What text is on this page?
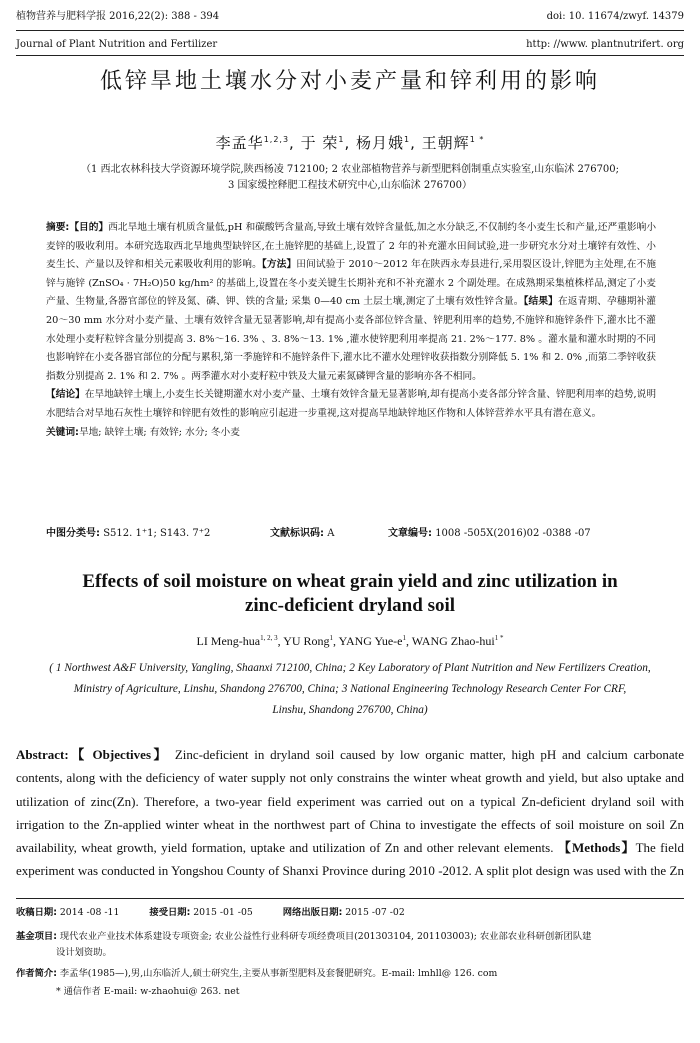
植物营养与肥料学报 2016,22(2): 388 - 394
Journal of Plant Nutrition and Fertilizer
doi: 10. 11674/zwyf. 14379
http: //www. plantnutrifert. org
低锌旱地土壤水分对小麦产量和锌利用的影响
李孟华$^{1,2,3}$, 于 荣$^1$, 杨月娥$^1$, 王朝辉$^{1 *}$
（1 西北农林科技大学资源环境学院,陕西杨凌 712100; 2 农业部植物营养与新型肥料创制重点实验室,山东临沭 276700;
3 国家缓控释肥工程技术研究中心,山东临沭 276700）

摘要:【目的】西北旱地土壤有机质含量低,pH 和碳酸钙含量高,导致土壤有效锌含量低,加之水分缺乏,不仅制约冬小麦生长和产量,还严重影响小麦锌的吸收利用。本研究选取西北旱地典型缺锌区,在土施锌肥的基础上,设置了 2 年的补充灌水田间试验,进一步研究水分对土壤锌有效性、小麦生长、产量以及锌和相关元素吸收利用的影响。【方法】田间试验于 2010～2012 年在陕西永寿县进行,采用裂区设计,锌肥为主处理,在不施锌与施锌 (ZnSO₄ · 7H₂O)50 kg/hm² 的基础上,设置在冬小麦关键生长期补充和不补充灌水 2 个副处理。在成熟期采集植株样品,测定了小麦产量、生物量,各器官部位的锌及氮、磷、钾、铁的含量; 采集 0—40 cm 土层土壤,测定了土壤有效性锌含量。【结果】在返青期、孕穗期补灌 20～30 mm 水分对小麦产量、土壤有效锌含量无显著影响,却有提高小麦各部位锌含量、锌肥利用率的趋势,不施锌和施锌条件下,灌水比不灌水处理小麦籽粒锌含量分别提高 3. 8%～16. 3% 、3. 8%～13. 1% ,灌水使锌肥利用率提高 21. 2%～177. 8% 。灌水量和灌水时期的不同也影响锌在小麦各器官部位的分配与累积,第一季施锌和不施锌条件下,灌水比不灌水处理锌收获指数分别降低 5. 1% 和 2. 0% ,而第二季锌收获指数分别提高 2. 1% 和 2. 7% 。两季灌水对小麦籽粒中铁及大量元素氮磷钾含量的影响亦各不相同。

【结论】在旱地缺锌土壤上,小麦生长关键期灌水对小麦产量、土壤有效锌含量无显著影响,却有提高小麦各部分锌含量、锌肥利用率的趋势,说明水肥结合对旱地石灰性土壤锌和锌肥有效性的影响应引起进一步重视,这对提高旱地缺锌地区作物和人体锌营养水平具有潜在意义。

关键词:旱地; 缺锌土壤; 有效锌; 水分; 冬小麦

中图分类号: S512. 1⁺1; S143. 7⁺2	文献标识码: A	文章编号: 1008 -505X(2016)02 -0388 -07
Effects of soil moisture on wheat grain yield and zinc utilization in
zinc-deficient dryland soil
LI Meng-hua$^{1, 2, 3}$, YU Rong$^1$, YANG Yue-$e^1$, WANG Zhao-hui$^{1 *}$
( 1 Northwest A&F University, Yangling, Shaanxi 712100, China; 2 Key Laboratory of Plant Nutrition and New Fertilizers Creation,
Ministry of Agriculture, Linshu, Shandong 276700, China; 3 National Engineering Technology Research Center For CRF,
Linshu, Shandong 276700, China)

Abstract:【 Objectives】 Zinc-deficient in dryland soil caused by low organic matter, high pH and calcium carbonate contents, along with the deficiency of water supply not only constrains the winter wheat growth and yield, but also uptake and utilization of zinc(Zn). Therefore, a two-year field experiment was carried out on a typical Zn-deficient dryland soil with irrigation to the Zn-applied winter wheat in the northwest part of China to investigate the effects of soil moisture on soil Zn availability, wheat growth, yield formation, uptake and utilization of Zn and other relevant elements. 【Methods】The field experiment was conducted in Yongshou County of Shanxi Province during 2010 -2012. A split plot design was used with the Zn

收稿日期: 2014 -08 -11	接受日期: 2015 -01 -05	网络出版日期: 2015 -07 -02
基金项目: 现代农业产业技术体系建设专项资金; 农业公益性行业科研专项经费项目(201303104, 201103003); 农业部农业科研创新团队建
设计划资助。
作者简介: 李孟华(1985—),男,山东临沂人,硕士研究生,主要从事新型肥料及套餐肥研究。E-mail: lmhll@ 126. com
* 通信作者 E-mail: w-zhaohui@ 263. net
